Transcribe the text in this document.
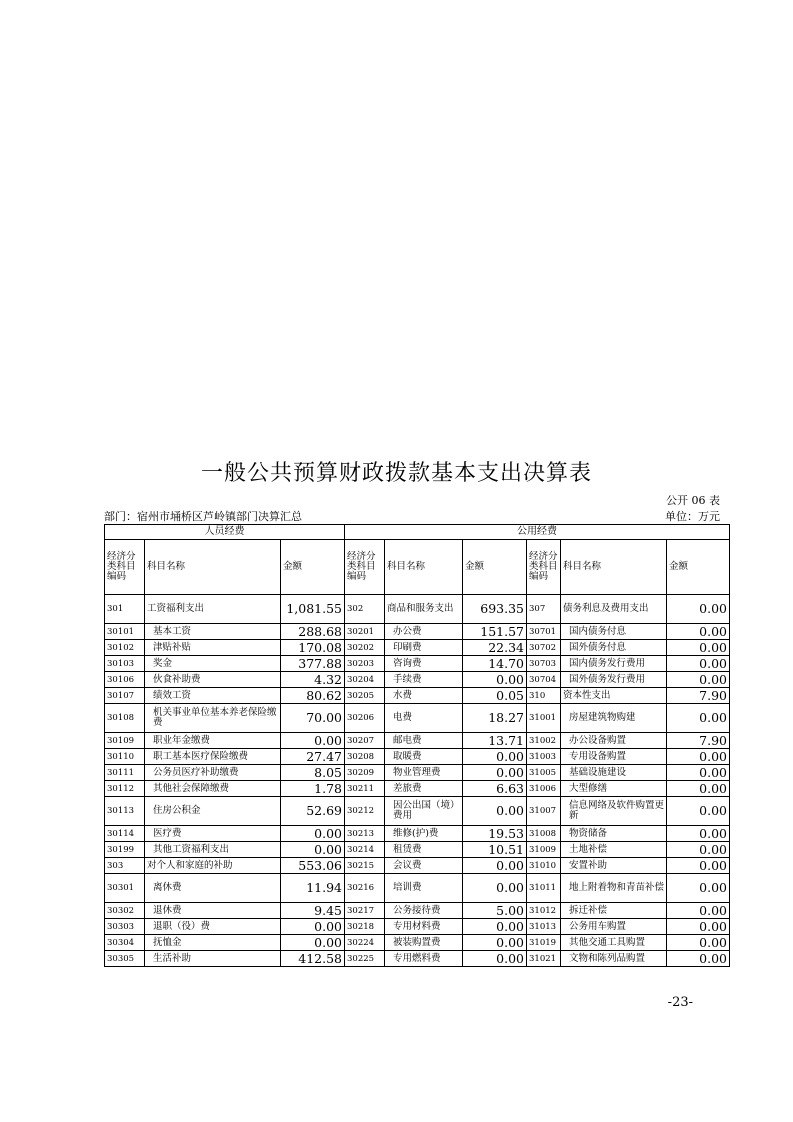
一般公共预算财政拨款基本支出决算表
公开 06 表
部门：宿州市埇桥区芦岭镇部门决算汇总	单位：万元
人员经费			公用经费					
经济分类科目编码	科目名称	金额	经济分类科目编码	科目名称	金额	经济分类科目编码	科目名称	金额
301	工资福利支出	1,081.55	302	商品和服务支出	693.35	307	债务利息及费用支出	0.00
30101	基本工资	288.68	30201	办公费	151.57	30701	国内债务付息	0.00
30102	津贴补贴	170.08	30202	印刷费	22.34	30702	国外债务付息	0.00
30103	奖金	377.88	30203	咨询费	14.70	30703	国内债务发行费用	0.00
30106	伙食补助费	4.32	30204	手续费	0.00	30704	国外债务发行费用	0.00
30107	绩效工资	80.62	30205	水费	0.05	310	资本性支出	7.90
30108	机关事业单位基本养老保险缴费	70.00	30206	电费	18.27	31001	房屋建筑物购建	0.00
30109	职业年金缴费	0.00	30207	邮电费	13.71	31002	办公设备购置	7.90
30110	职工基本医疗保险缴费	27.47	30208	取暖费	0.00	31003	专用设备购置	0.00
30111	公务员医疗补助缴费	8.05	30209	物业管理费	0.00	31005	基础设施建设	0.00
30112	其他社会保障缴费	1.78	30211	差旅费	6.63	31006	大型修缮	0.00
30113	住房公积金	52.69	30212	因公出国（境）费用	0.00	31007	信息网络及软件购置更新	0.00
30114	医疗费	0.00	30213	维修(护)费	19.53	31008	物资储备	0.00
30199	其他工资福利支出	0.00	30214	租赁费	10.51	31009	土地补偿	0.00
303	对个人和家庭的补助	553.06	30215	会议费	0.00	31010	安置补助	0.00
30301	离休费	11.94	30216	培训费	0.00	31011	地上附着物和青苗补偿	0.00
30302	退休费	9.45	30217	公务接待费	5.00	31012	拆迁补偿	0.00
30303	退职（役）费	0.00	30218	专用材料费	0.00	31013	公务用车购置	0.00
30304	抚恤金	0.00	30224	被装购置费	0.00	31019	其他交通工具购置	0.00
30305	生活补助	412.58	30225	专用燃料费	0.00	31021	文物和陈列品购置	0.00
-23-
